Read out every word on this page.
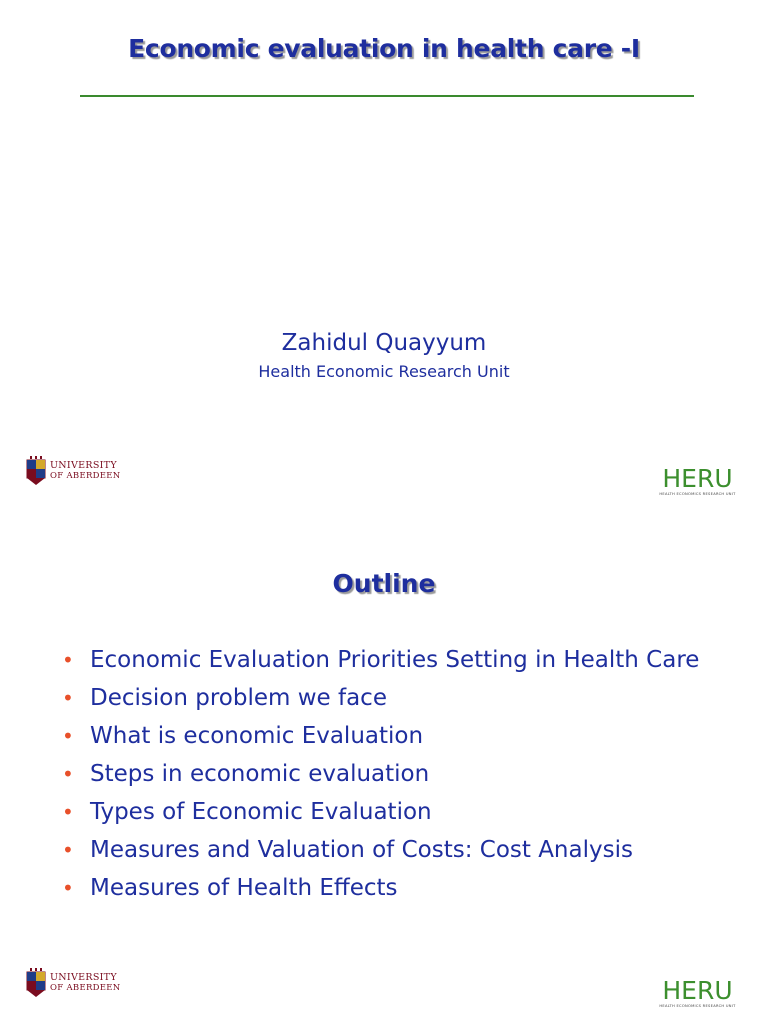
Economic evaluation in health care -I
Zahidul Quayyum
Health Economic Research Unit
UNIVERSITY
OF ABERDEEN	HERU
HEALTH ECONOMICS RESEARCH UNIT
Outline
• Economic Evaluation Priorities Setting in Health Care
• Decision problem we face
• What is economic Evaluation
• Steps in economic evaluation
• Types of Economic Evaluation
• Measures and Valuation of Costs: Cost Analysis
• Measures of Health Effects
UNIVERSITY
OF ABERDEEN	HERU
HEALTH ECONOMICS RESEARCH UNIT
